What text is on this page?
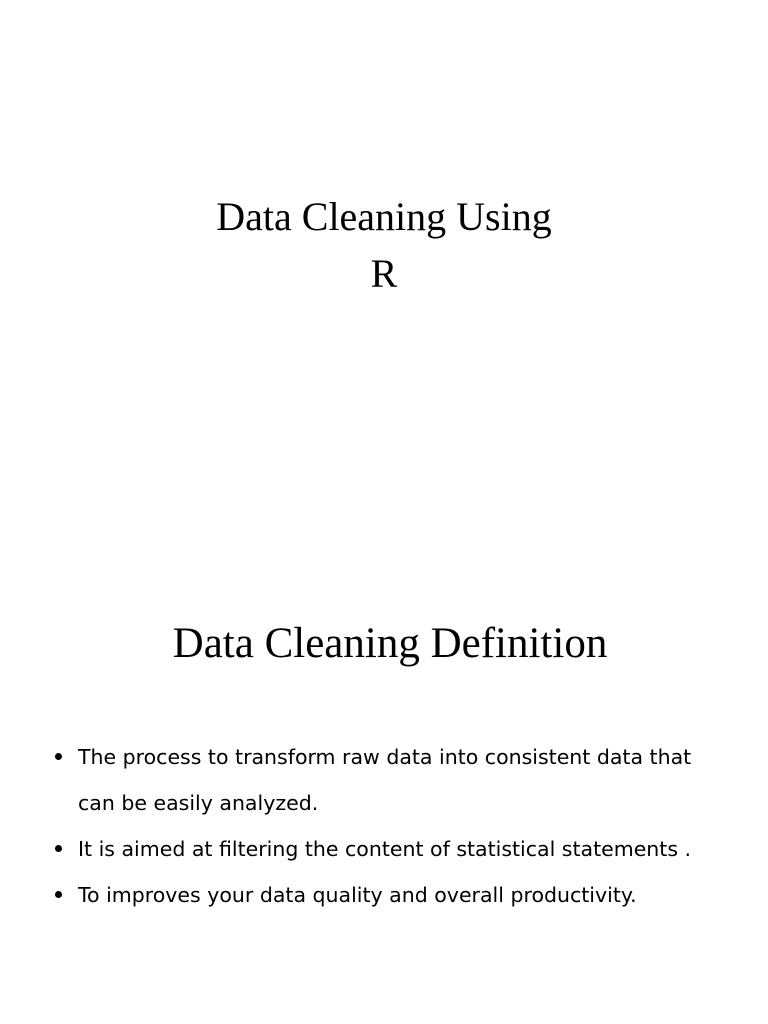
Data Cleaning Using
R
Data Cleaning Definition
The process to transform raw data into consistent data that can be easily analyzed.
It is aimed at filtering the content of statistical statements .
To improves your data quality and overall productivity.
